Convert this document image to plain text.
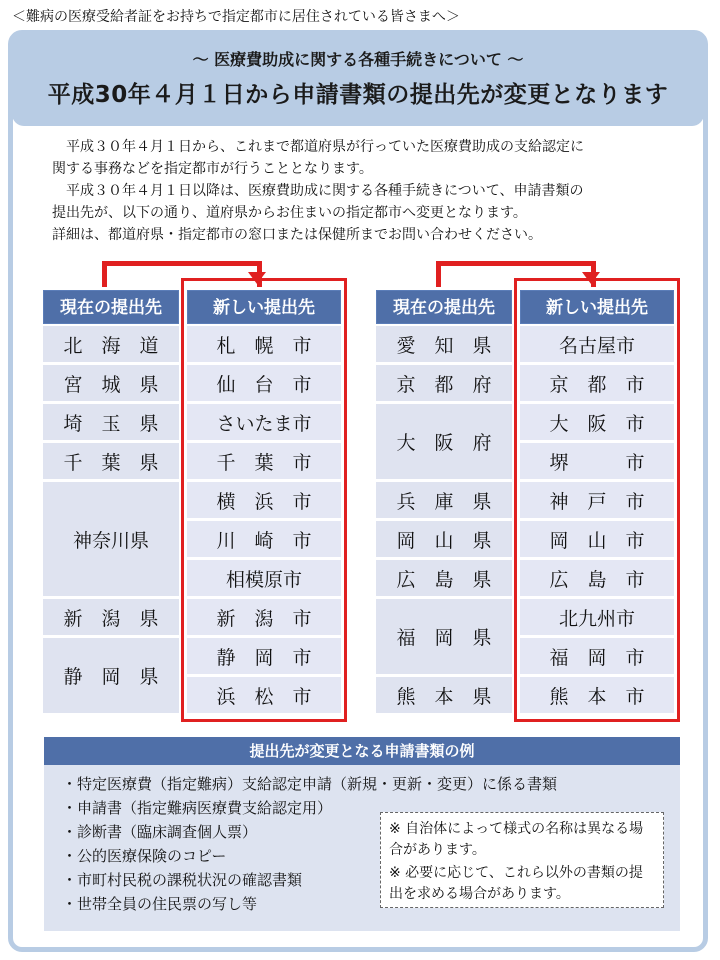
＜難病の医療受給者証をお持ちで指定都市に居住されている皆さまへ＞
～ 医療費助成に関する各種手続きについて ～
平成30年４月１日から申請書類の提出先が変更となります

平成３０年４月１日から、これまで都道府県が行っていた医療費助成の支給認定に

関する事務などを指定都市が行うこととなります。

平成３０年４月１日以降は、医療費助成に関する各種手続きについて、申請書類の

提出先が、以下の通り、道府県からお住まいの指定都市へ変更となります。

詳細は、都道府県・指定都市の窓口または保健所までお問い合わせください。

現在の提出先	新しい提出先
北　海　道
宮　城　県
埼　玉　県
千　葉　県
神奈川県
新　潟　県
静　岡　県
札　幌　市
仙　台　市
さいたま市
千　葉　市
横　浜　市
川　崎　市
相模原市
新　潟　市
静　岡　市
浜　松　市
現在の提出先	新しい提出先
愛　知　県
京　都　府
大　阪　府
兵　庫　県
岡　山　県
広　島　県
福　岡　県
熊　本　県
名古屋市
京　都　市
大　阪　市
堺　　　市
神　戸　市
岡　山　市
広　島　市
北九州市
福　岡　市
熊　本　市
提出先が変更となる申請書類の例
・特定医療費（指定難病）支給認定申請（新規・更新・変更）に係る書類
・申請書（指定難病医療費支給認定用）
・診断書（臨床調査個人票）
・公的医療保険のコピー
・市町村民税の課税状況の確認書類
・世帯全員の住民票の写し等

※ 自治体によって様式の名称は異なる場合があります。

※ 必要に応じて、これら以外の書類の提出を求める場合があります。
